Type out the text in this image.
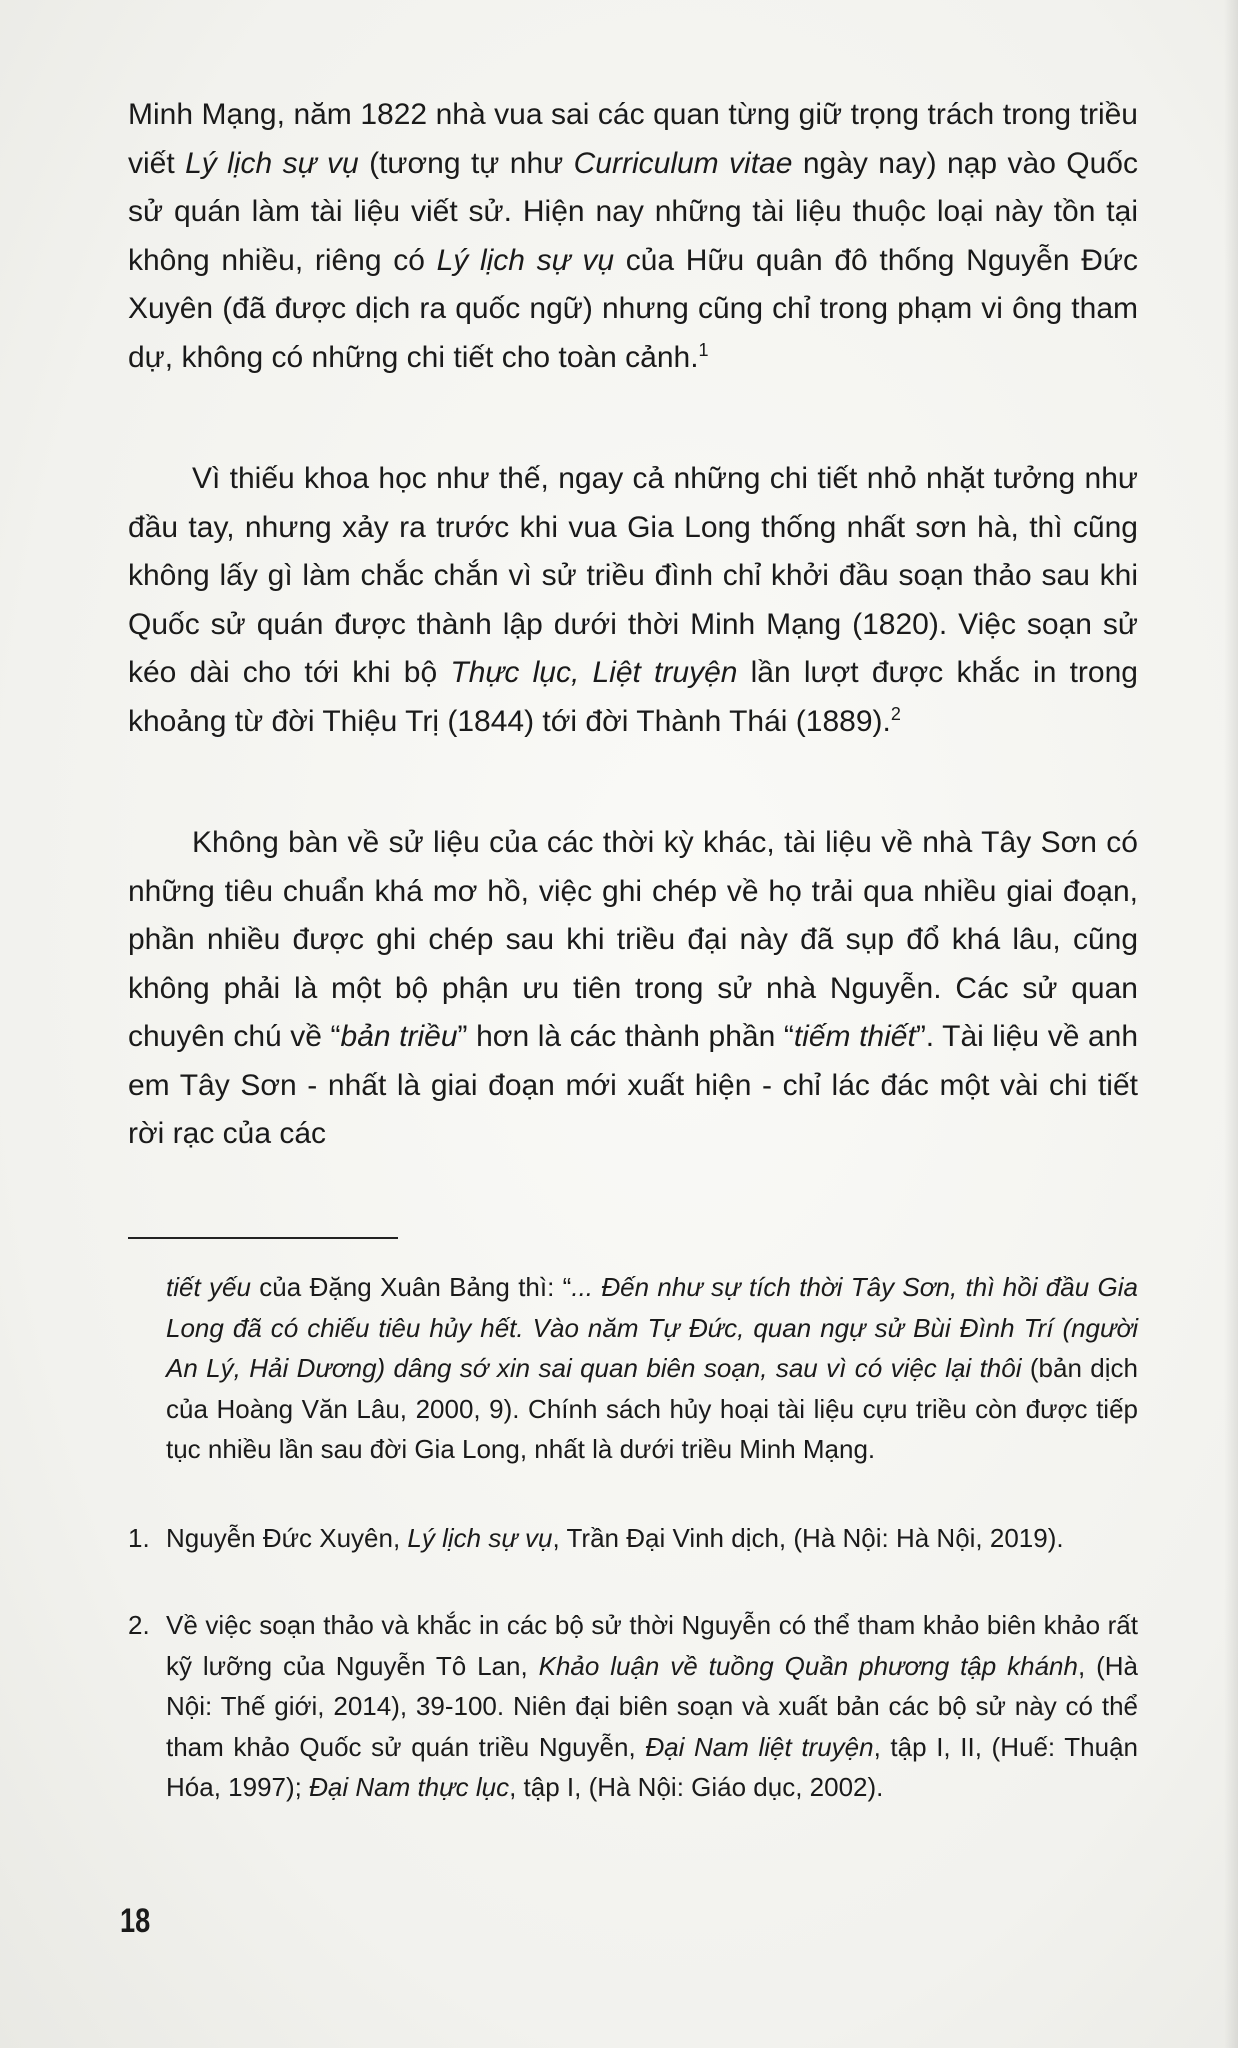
Minh Mạng, năm 1822 nhà vua sai các quan từng giữ trọng trách trong triều viết Lý lịch sự vụ (tương tự như Curriculum vitae ngày nay) nạp vào Quốc sử quán làm tài liệu viết sử. Hiện nay những tài liệu thuộc loại này tồn tại không nhiều, riêng có Lý lịch sự vụ của Hữu quân đô thống Nguyễn Đức Xuyên (đã được dịch ra quốc ngữ) nhưng cũng chỉ trong phạm vi ông tham dự, không có những chi tiết cho toàn cảnh.$^1$

Vì thiếu khoa học như thế, ngay cả những chi tiết nhỏ nhặt tưởng như đầu tay, nhưng xảy ra trước khi vua Gia Long thống nhất sơn hà, thì cũng không lấy gì làm chắc chắn vì sử triều đình chỉ khởi đầu soạn thảo sau khi Quốc sử quán được thành lập dưới thời Minh Mạng (1820). Việc soạn sử kéo dài cho tới khi bộ Thực lục, Liệt truyện lần lượt được khắc in trong khoảng từ đời Thiệu Trị (1844) tới đời Thành Thái (1889).$^2$

Không bàn về sử liệu của các thời kỳ khác, tài liệu về nhà Tây Sơn có những tiêu chuẩn khá mơ hồ, việc ghi chép về họ trải qua nhiều giai đoạn, phần nhiều được ghi chép sau khi triều đại này đã sụp đổ khá lâu, cũng không phải là một bộ phận ưu tiên trong sử nhà Nguyễn. Các sử quan chuyên chú về “bản triều” hơn là các thành phần “tiếm thiết”. Tài liệu về anh em Tây Sơn - nhất là giai đoạn mới xuất hiện - chỉ lác đác một vài chi tiết rời rạc của các

tiết yếu của Đặng Xuân Bảng thì: “... Đến như sự tích thời Tây Sơn, thì hồi đầu Gia Long đã có chiếu tiêu hủy hết. Vào năm Tự Đức, quan ngự sử Bùi Đình Trí (người An Lý, Hải Dương) dâng sớ xin sai quan biên soạn, sau vì có việc lại thôi (bản dịch của Hoàng Văn Lâu, 2000, 9). Chính sách hủy hoại tài liệu cựu triều còn được tiếp tục nhiều lần sau đời Gia Long, nhất là dưới triều Minh Mạng.

1. Nguyễn Đức Xuyên, Lý lịch sự vụ, Trần Đại Vinh dịch, (Hà Nội: Hà Nội, 2019).
2. Về việc soạn thảo và khắc in các bộ sử thời Nguyễn có thể tham khảo biên khảo rất kỹ lưỡng của Nguyễn Tô Lan, Khảo luận về tuồng Quần phương tập khánh, (Hà Nội: Thế giới, 2014), 39-100. Niên đại biên soạn và xuất bản các bộ sử này có thể tham khảo Quốc sử quán triều Nguyễn, Đại Nam liệt truyện, tập I, II, (Huế: Thuận Hóa, 1997); Đại Nam thực lục, tập I, (Hà Nội: Giáo dục, 2002).

18
